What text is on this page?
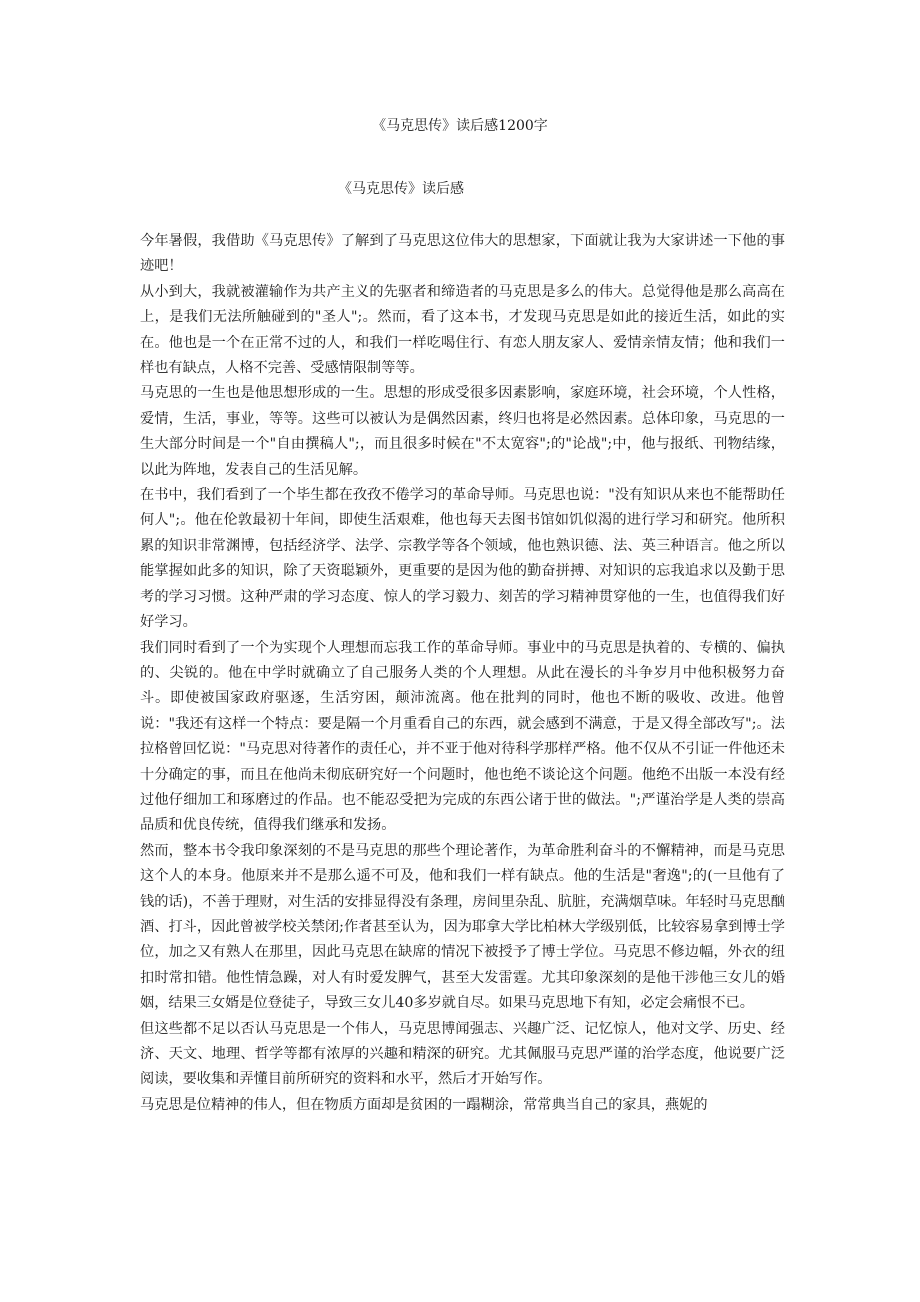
《马克思传》读后感1200字
《马克思传》读后感

今年暑假，我借助《马克思传》了解到了马克思这位伟大的思想家，下面就让我为大家讲述一下他的事迹吧！

从小到大，我就被灌输作为共产主义的先驱者和缔造者的马克思是多么的伟大。总觉得他是那么高高在上，是我们无法所触碰到的"圣人";。然而，看了这本书，才发现马克思是如此的接近生活，如此的实在。他也是一个在正常不过的人，和我们一样吃喝住行、有恋人朋友家人、爱情亲情友情；他和我们一样也有缺点，人格不完善、受感情限制等等。

马克思的一生也是他思想形成的一生。思想的形成受很多因素影响，家庭环境，社会环境，个人性格，爱情，生活，事业，等等。这些可以被认为是偶然因素，终归也将是必然因素。总体印象，马克思的一生大部分时间是一个"自由撰稿人";，而且很多时候在"不太宽容";的"论战";中，他与报纸、刊物结缘，以此为阵地，发表自己的生活见解。

在书中，我们看到了一个毕生都在孜孜不倦学习的革命导师。马克思也说："没有知识从来也不能帮助任何人";。他在伦敦最初十年间，即使生活艰难，他也每天去图书馆如饥似渴的进行学习和研究。他所积累的知识非常渊博，包括经济学、法学、宗教学等各个领域，他也熟识德、法、英三种语言。他之所以能掌握如此多的知识，除了天资聪颖外，更重要的是因为他的勤奋拼搏、对知识的忘我追求以及勤于思考的学习习惯。这种严肃的学习态度、惊人的学习毅力、刻苦的学习精神贯穿他的一生，也值得我们好好学习。

我们同时看到了一个为实现个人理想而忘我工作的革命导师。事业中的马克思是执着的、专横的、偏执的、尖锐的。他在中学时就确立了自己服务人类的个人理想。从此在漫长的斗争岁月中他积极努力奋斗。即使被国家政府驱逐，生活穷困，颠沛流离。他在批判的同时，他也不断的吸收、改进。他曾说："我还有这样一个特点：要是隔一个月重看自己的东西，就会感到不满意，于是又得全部改写";。法拉格曾回忆说："马克思对待著作的责任心，并不亚于他对待科学那样严格。他不仅从不引证一件他还未十分确定的事，而且在他尚未彻底研究好一个问题时，他也绝不谈论这个问题。他绝不出版一本没有经过他仔细加工和琢磨过的作品。也不能忍受把为完成的东西公诸于世的做法。";严谨治学是人类的崇高品质和优良传统，值得我们继承和发扬。

然而，整本书令我印象深刻的不是马克思的那些个理论著作，为革命胜利奋斗的不懈精神，而是马克思这个人的本身。他原来并不是那么遥不可及，他和我们一样有缺点。他的生活是"奢逸";的(一旦他有了钱的话)，不善于理财，对生活的安排显得没有条理，房间里杂乱、肮脏，充满烟草味。年轻时马克思酗酒、打斗，因此曾被学校关禁闭;作者甚至认为，因为耶拿大学比柏林大学级别低，比较容易拿到博士学位，加之又有熟人在那里，因此马克思在缺席的情况下被授予了博士学位。马克思不修边幅，外衣的纽扣时常扣错。他性情急躁，对人有时爱发脾气，甚至大发雷霆。尤其印象深刻的是他干涉他三女儿的婚姻，结果三女婿是位登徒子，导致三女儿40多岁就自尽。如果马克思地下有知，必定会痛恨不已。

但这些都不足以否认马克思是一个伟人，马克思博闻强志、兴趣广泛、记忆惊人，他对文学、历史、经济、天文、地理、哲学等都有浓厚的兴趣和精深的研究。尤其佩服马克思严谨的治学态度，他说要广泛阅读，要收集和弄懂目前所研究的资料和水平，然后才开始写作。

马克思是位精神的伟人，但在物质方面却是贫困的一蹋糊涂，常常典当自己的家具，燕妮的
